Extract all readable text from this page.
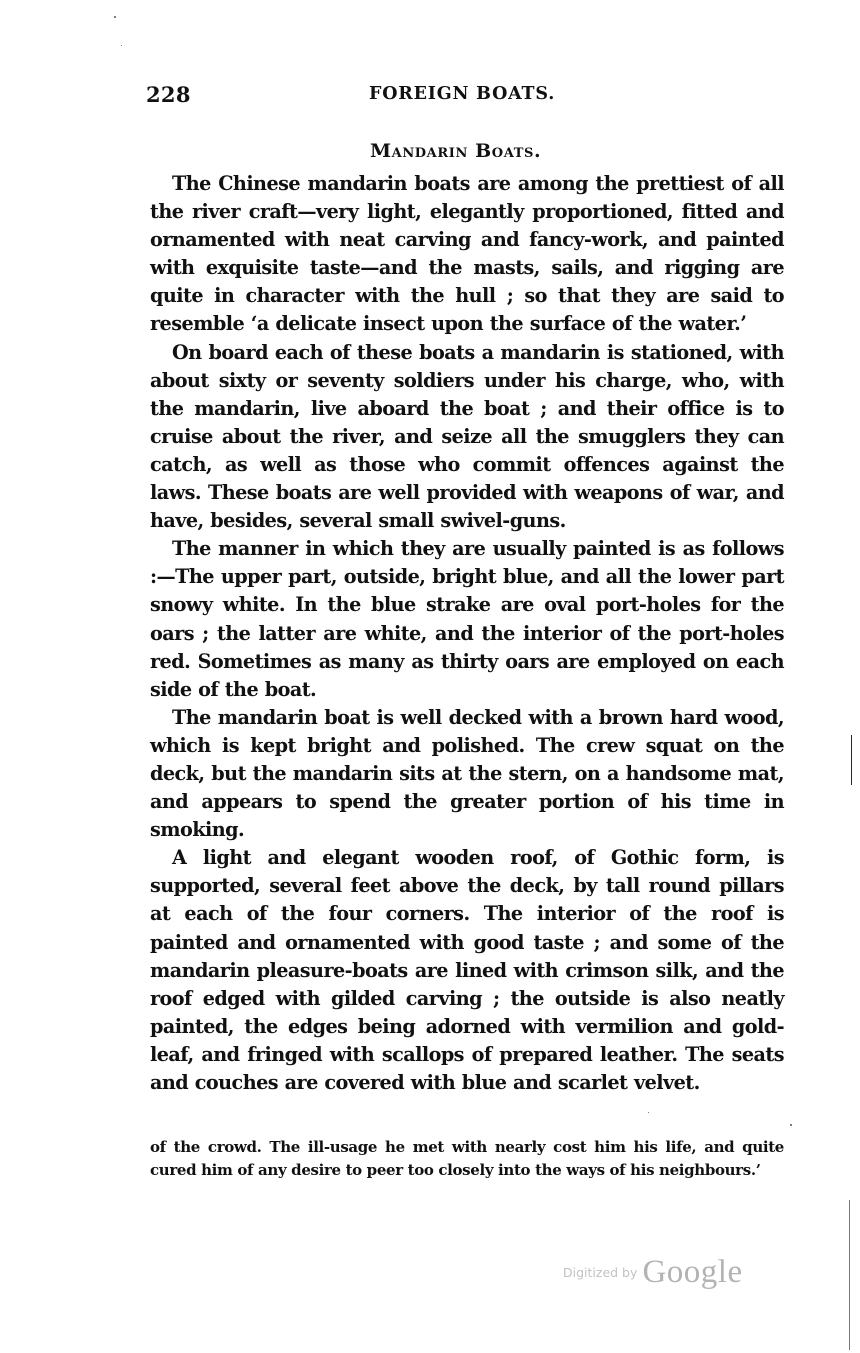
228	FOREIGN BOATS.
Mandarin Boats.

The Chinese mandarin boats are among the prettiest of all the river craft—very light, elegantly proportioned, fitted and ornamented with neat carving and fancy-work, and painted with exquisite taste—and the masts, sails, and rigging are quite in character with the hull ; so that they are said to resemble ‘a delicate insect upon the surface of the water.’

On board each of these boats a mandarin is stationed, with about sixty or seventy soldiers under his charge, who, with the mandarin, live aboard the boat ; and their office is to cruise about the river, and seize all the smugglers they can catch, as well as those who commit offences against the laws. These boats are well provided with weapons of war, and have, besides, several small swivel-guns.

The manner in which they are usually painted is as follows :—The upper part, outside, bright blue, and all the lower part snowy white. In the blue strake are oval port-holes for the oars ; the latter are white, and the interior of the port-holes red. Sometimes as many as thirty oars are employed on each side of the boat.

The mandarin boat is well decked with a brown hard wood, which is kept bright and polished. The crew squat on the deck, but the mandarin sits at the stern, on a handsome mat, and appears to spend the greater portion of his time in smoking.

A light and elegant wooden roof, of Gothic form, is supported, several feet above the deck, by tall round pillars at each of the four corners. The interior of the roof is painted and ornamented with good taste ; and some of the mandarin pleasure-boats are lined with crimson silk, and the roof edged with gilded carving ; the outside is also neatly painted, the edges being adorned with vermilion and gold-leaf, and fringed with scallops of prepared leather. The seats and couches are covered with blue and scarlet velvet.

of the crowd. The ill-usage he met with nearly cost him his life, and quite cured him of any desire to peer too closely into the ways of his neighbours.’

$^{Digitized by}$ Google
